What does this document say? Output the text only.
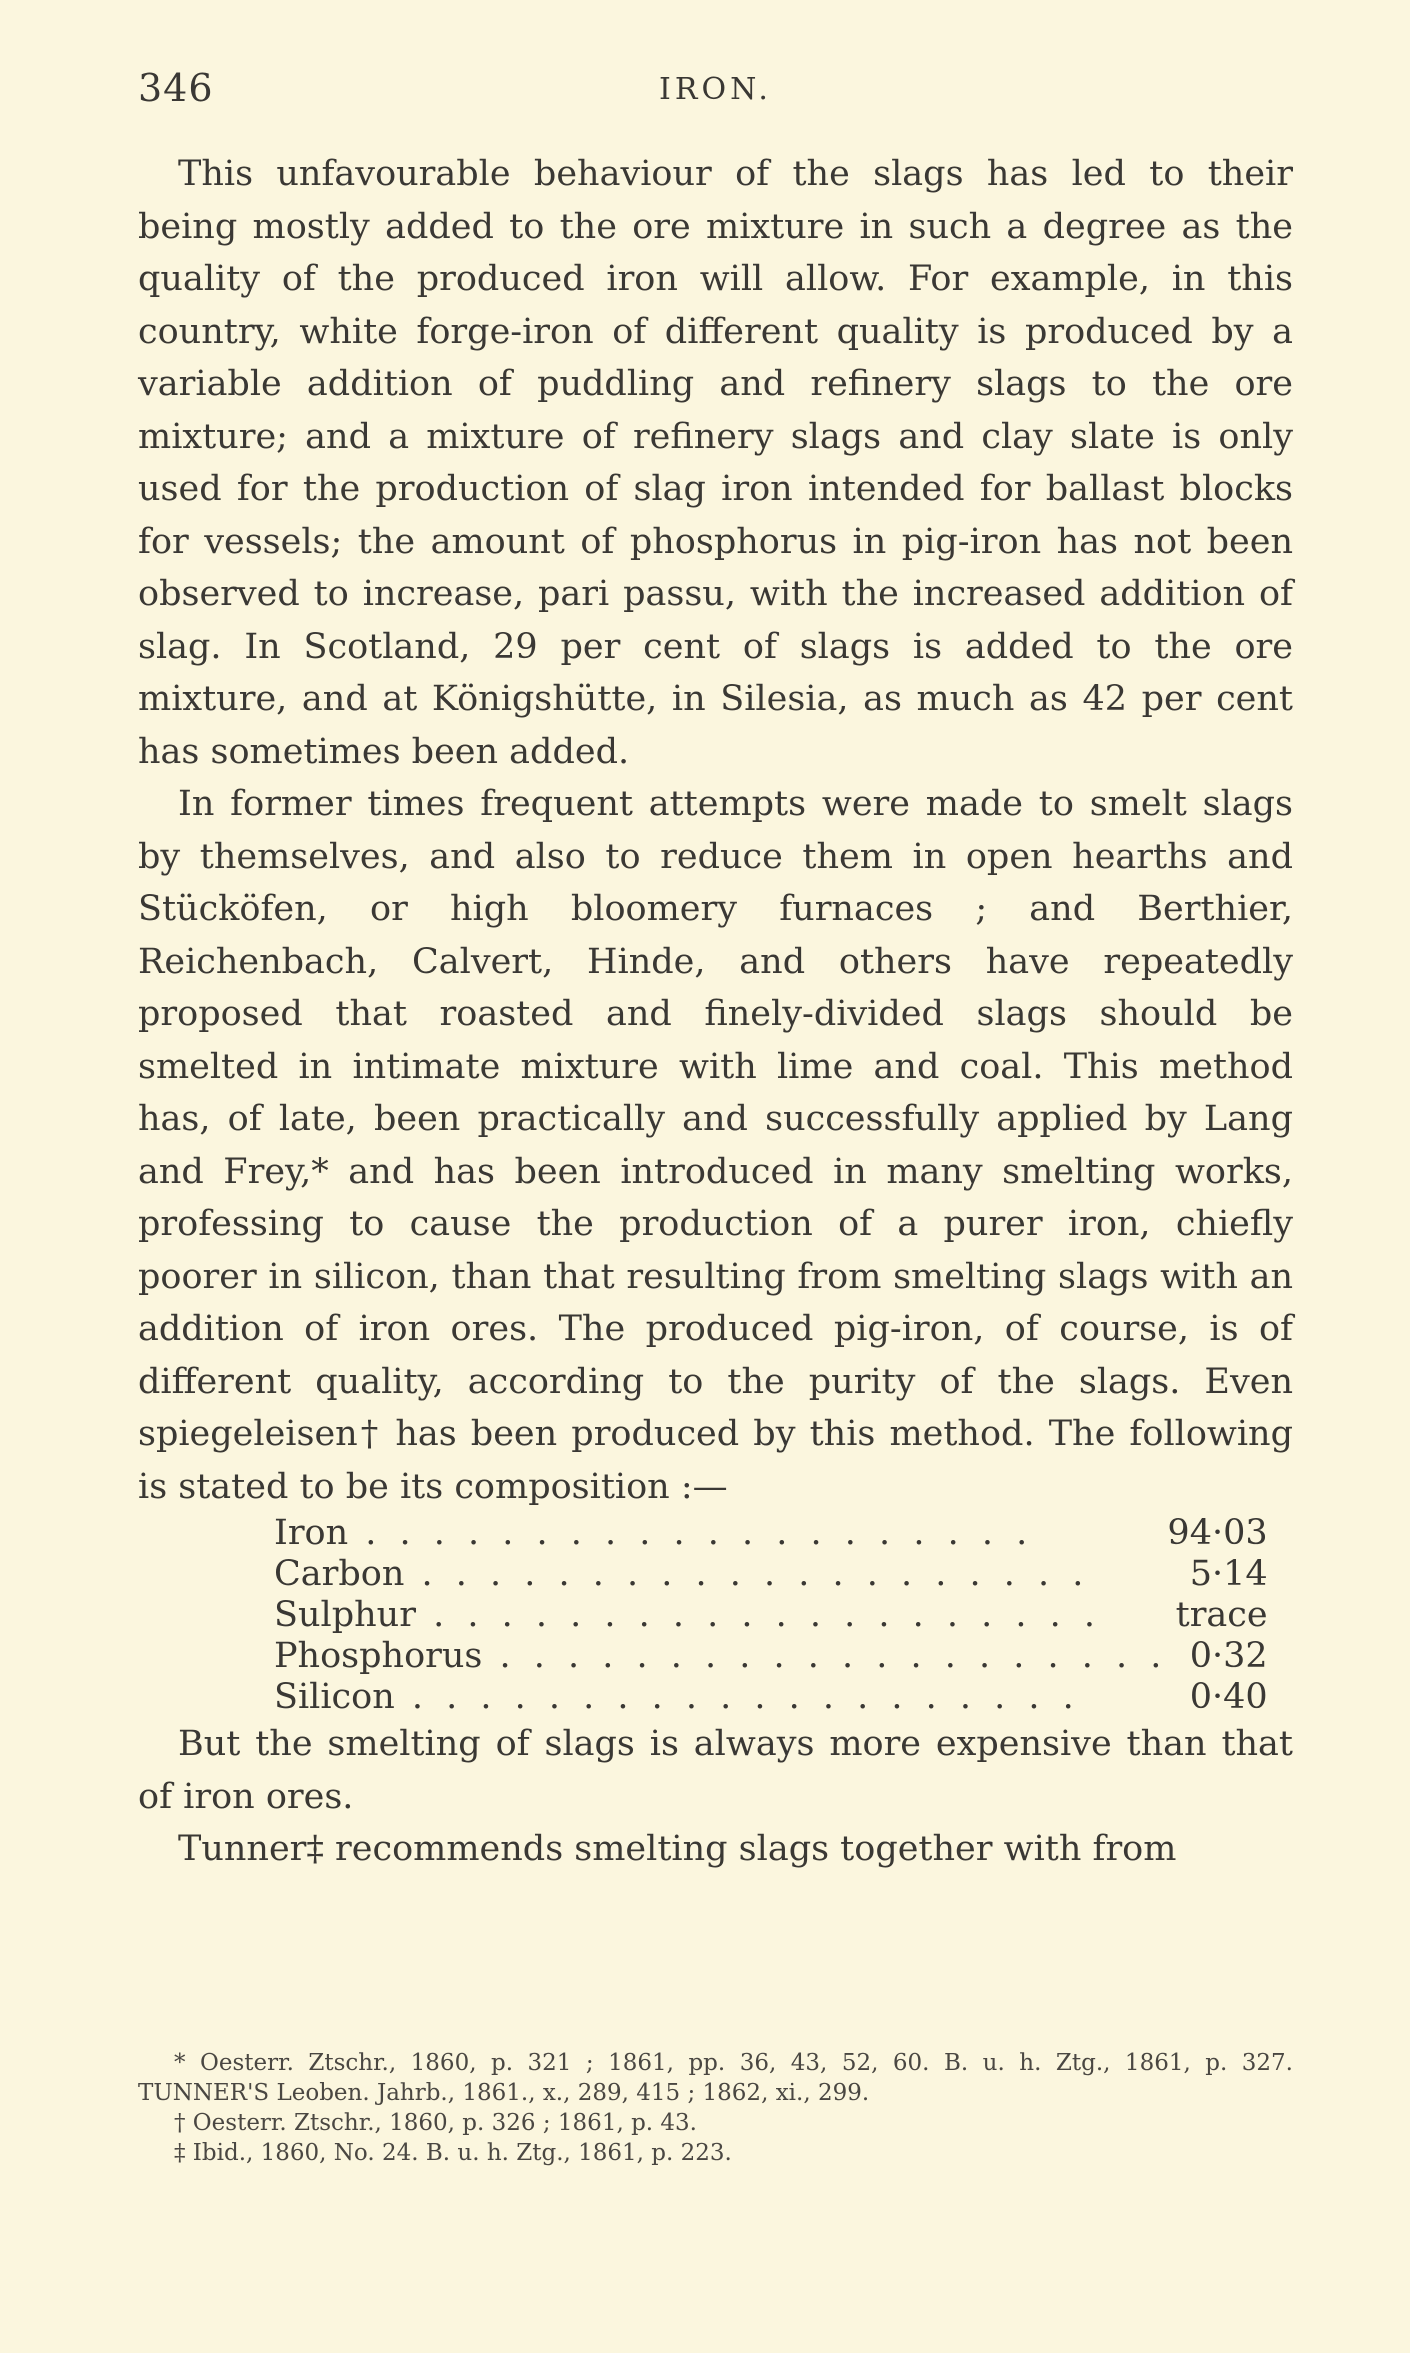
346	IRON.

This unfavourable behaviour of the slags has led to their being mostly added to the ore mixture in such a degree as the quality of the produced iron will allow. For example, in this country, white forge-iron of different quality is produced by a variable addition of puddling and refinery slags to the ore mixture; and a mixture of refinery slags and clay slate is only used for the production of slag iron intended for ballast blocks for vessels; the amount of phosphorus in pig-iron has not been observed to increase, pari passu, with the increased addition of slag. In Scotland, 29 per cent of slags is added to the ore mixture, and at Königshütte, in Silesia, as much as 42 per cent has sometimes been added.

In former times frequent attempts were made to smelt slags by themselves, and also to reduce them in open hearths and Stücköfen, or high bloomery furnaces ; and Berthier, Reichenbach, Calvert, Hinde, and others have repeatedly proposed that roasted and finely-divided slags should be smelted in intimate mixture with lime and coal. This method has, of late, been practically and successfully applied by Lang and Frey,* and has been introduced in many smelting works, professing to cause the production of a purer iron, chiefly poorer in silicon, than that resulting from smelting slags with an addition of iron ores. The produced pig-iron, of course, is of different quality, according to the purity of the slags. Even spiegeleisen† has been produced by this method. The following is stated to be its composition :—

Iron . . . . . . . . . . . . . . . . . . . .	94·03
Carbon . . . . . . . . . . . . . . . . . . . .	5·14
Sulphur . . . . . . . . . . . . . . . . . . . .	trace
Phosphorus . . . . . . . . . . . . . . . . . . . .	0·32
Silicon . . . . . . . . . . . . . . . . . . . .	0·40

But the smelting of slags is always more expensive than that of iron ores.

Tunner‡ recommends smelting slags together with from

* Oesterr. Ztschr., 1860, p. 321 ; 1861, pp. 36, 43, 52, 60. B. u. h. Ztg., 1861, p. 327. TUNNER'S Leoben. Jahrb., 1861., x., 289, 415 ; 1862, xi., 299.

† Oesterr. Ztschr., 1860, p. 326 ; 1861, p. 43.

‡ Ibid., 1860, No. 24. B. u. h. Ztg., 1861, p. 223.
